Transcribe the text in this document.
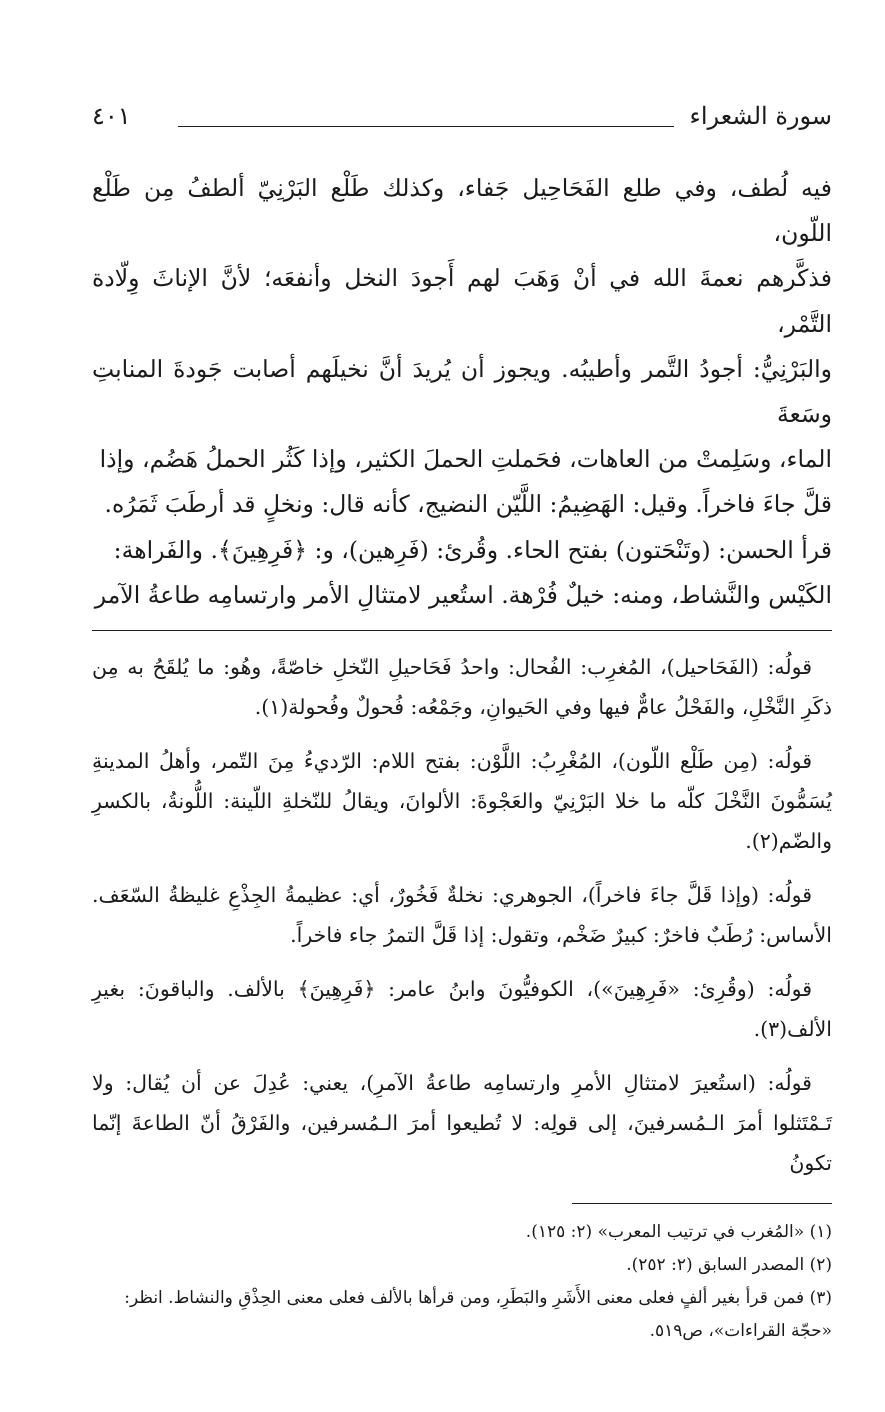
سورة الشعراء
٤٠١

فيه لُطف، وفي طلع الفَحَاحِيل جَفاء، وكذلك طَلْع البَرْنِيّ ألطفُ مِن طَلْع اللّون،

فذكَّرهم نعمةَ الله في أنْ وَهَبَ لهم أَجودَ النخل وأنفعَه؛ لأنَّ الإناثَ وِلّادة التَّمْر،

والبَرْنِيُّ: أجودُ التَّمر وأطيبُه. ويجوز أن يُريدَ أنَّ نخيلَهم أصابت جَودةَ المنابتِ وسَعةَ

الماء، وسَلِمتْ من العاهات، فحَملتِ الحملَ الكثير، وإذا كَثُر الحملُ هَضُم، وإذا

قلَّ جاءَ فاخراً. وقيل: الهَضِيمُ: اللَّيّن النضيج، كأنه قال: ونخلٍ قد أرطَبَ ثَمَرُه.

قرأ الحسن: (وتَنْحَتون) بفتح الحاء. وقُرئ: (فَرِهين)، و: ﴿فَرِهِينَ﴾. والفَراهة:

الكَيْس والنَّشاط، ومنه: خيلٌ فُرْهة. استُعير لامتثالِ الأمر وارتسامِه طاعةُ الآمر

قولُه: (الفَحَاحيل)، المُغرِب: الفُحال: واحدُ فَحَاحيلِ النّخلِ خاصّةً، وهُو: ما يُلقَحُ به مِن ذكَرِ النَّخْلِ، والفَحْلُ عامٌّ فيها وفي الحَيوانِ، وجَمْعُه: فُحولٌ وفُحولة(١).

قولُه: (مِن طَلْع اللّون)، المُغْرِبُ: اللَّوْن: بفتح اللام: الرّديءُ مِنَ التّمر، وأهلُ المدينةِ يُسَمُّونَ النَّخْلَ كلّه ما خلا البَرْنِيّ والعَجْوةَ: الألوانَ، ويقالُ للنّخلةِ اللّينة: اللُّونةُ، بالكسرِ والضّم(٢).

قولُه: (وإذا قَلَّ جاءَ فاخراً)، الجوهري: نخلةٌ فَخُورٌ، أي: عظيمةُ الجِذْعِ غليظةُ السّعَف. الأساس: رُطَبٌ فاخرٌ: كبيرٌ ضَخْم، وتقول: إذا قَلَّ التمرُ جاء فاخراً.

قولُه: (وقُرِئ: «فَرِهِينَ»)، الكوفيُّونَ وابنُ عامر: ﴿فَرِهِينَ﴾ بالألف. والباقونَ: بغيرِ الألف(٣).

قولُه: (استُعيرَ لامتثالِ الأمرِ وارتسامِه طاعةُ الآمرِ)، يعني: عُدِلَ عن أن يُقال: ولا تَـمْتَثلوا أمرَ الـمُسرفينَ، إلى قولِه: لا تُطيعوا أمرَ الـمُسرفين، والفَرْقُ أنّ الطاعةَ إنّما تكونُ

(١) «المُغرب في ترتيب المعرب» (٢: ١٢٥).

(٢) المصدر السابق (٢: ٢٥٢).

(٣) فمن قرأ بغير ألفٍ فعلى معنى الأَشَرِ والبَطَرِ، ومن قرأها بالألف فعلى معنى الحِذْقِ والنشاط. انظر: «حجّة القراءات»، ص٥١٩.
